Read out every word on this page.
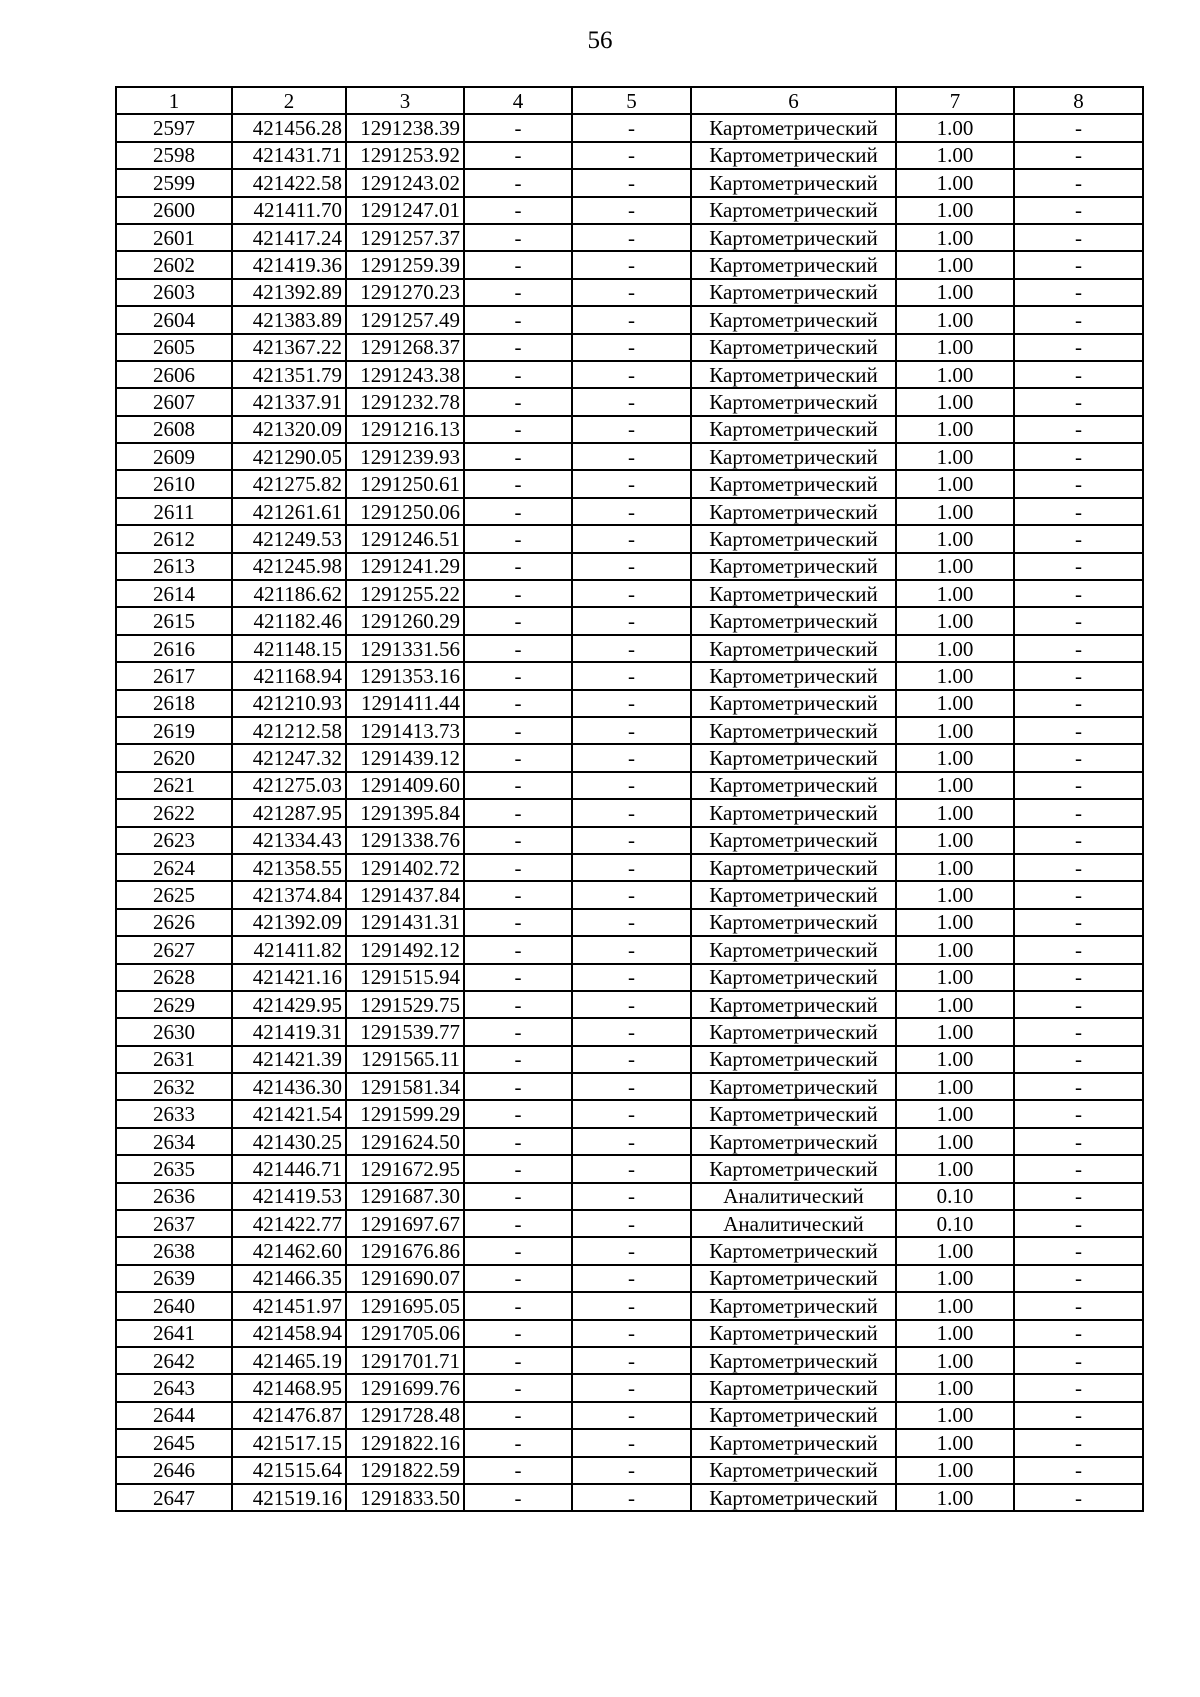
56
1	2	3	4	5	6	7	8
2597	421456.28	1291238.39	-	-	Картометрический	1.00	-
2598	421431.71	1291253.92	-	-	Картометрический	1.00	-
2599	421422.58	1291243.02	-	-	Картометрический	1.00	-
2600	421411.70	1291247.01	-	-	Картометрический	1.00	-
2601	421417.24	1291257.37	-	-	Картометрический	1.00	-
2602	421419.36	1291259.39	-	-	Картометрический	1.00	-
2603	421392.89	1291270.23	-	-	Картометрический	1.00	-
2604	421383.89	1291257.49	-	-	Картометрический	1.00	-
2605	421367.22	1291268.37	-	-	Картометрический	1.00	-
2606	421351.79	1291243.38	-	-	Картометрический	1.00	-
2607	421337.91	1291232.78	-	-	Картометрический	1.00	-
2608	421320.09	1291216.13	-	-	Картометрический	1.00	-
2609	421290.05	1291239.93	-	-	Картометрический	1.00	-
2610	421275.82	1291250.61	-	-	Картометрический	1.00	-
2611	421261.61	1291250.06	-	-	Картометрический	1.00	-
2612	421249.53	1291246.51	-	-	Картометрический	1.00	-
2613	421245.98	1291241.29	-	-	Картометрический	1.00	-
2614	421186.62	1291255.22	-	-	Картометрический	1.00	-
2615	421182.46	1291260.29	-	-	Картометрический	1.00	-
2616	421148.15	1291331.56	-	-	Картометрический	1.00	-
2617	421168.94	1291353.16	-	-	Картометрический	1.00	-
2618	421210.93	1291411.44	-	-	Картометрический	1.00	-
2619	421212.58	1291413.73	-	-	Картометрический	1.00	-
2620	421247.32	1291439.12	-	-	Картометрический	1.00	-
2621	421275.03	1291409.60	-	-	Картометрический	1.00	-
2622	421287.95	1291395.84	-	-	Картометрический	1.00	-
2623	421334.43	1291338.76	-	-	Картометрический	1.00	-
2624	421358.55	1291402.72	-	-	Картометрический	1.00	-
2625	421374.84	1291437.84	-	-	Картометрический	1.00	-
2626	421392.09	1291431.31	-	-	Картометрический	1.00	-
2627	421411.82	1291492.12	-	-	Картометрический	1.00	-
2628	421421.16	1291515.94	-	-	Картометрический	1.00	-
2629	421429.95	1291529.75	-	-	Картометрический	1.00	-
2630	421419.31	1291539.77	-	-	Картометрический	1.00	-
2631	421421.39	1291565.11	-	-	Картометрический	1.00	-
2632	421436.30	1291581.34	-	-	Картометрический	1.00	-
2633	421421.54	1291599.29	-	-	Картометрический	1.00	-
2634	421430.25	1291624.50	-	-	Картометрический	1.00	-
2635	421446.71	1291672.95	-	-	Картометрический	1.00	-
2636	421419.53	1291687.30	-	-	Аналитический	0.10	-
2637	421422.77	1291697.67	-	-	Аналитический	0.10	-
2638	421462.60	1291676.86	-	-	Картометрический	1.00	-
2639	421466.35	1291690.07	-	-	Картометрический	1.00	-
2640	421451.97	1291695.05	-	-	Картометрический	1.00	-
2641	421458.94	1291705.06	-	-	Картометрический	1.00	-
2642	421465.19	1291701.71	-	-	Картометрический	1.00	-
2643	421468.95	1291699.76	-	-	Картометрический	1.00	-
2644	421476.87	1291728.48	-	-	Картометрический	1.00	-
2645	421517.15	1291822.16	-	-	Картометрический	1.00	-
2646	421515.64	1291822.59	-	-	Картометрический	1.00	-
2647	421519.16	1291833.50	-	-	Картометрический	1.00	-
